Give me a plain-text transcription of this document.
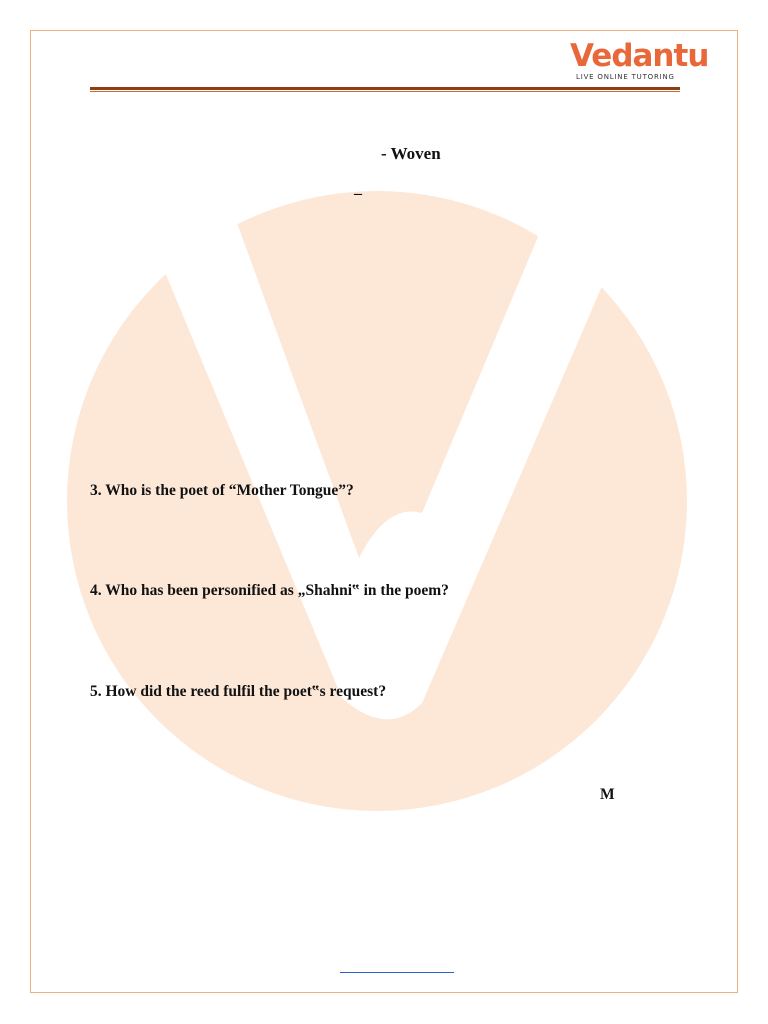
Vedantu
LIVE ONLINE TUTORING
- Woven
–
3. Who is the poet of “Mother Tongue”?
4. Who has been personified as „Shahni‟ in the poem?
5. How did the reed fulfil the poet‟s request?
M
